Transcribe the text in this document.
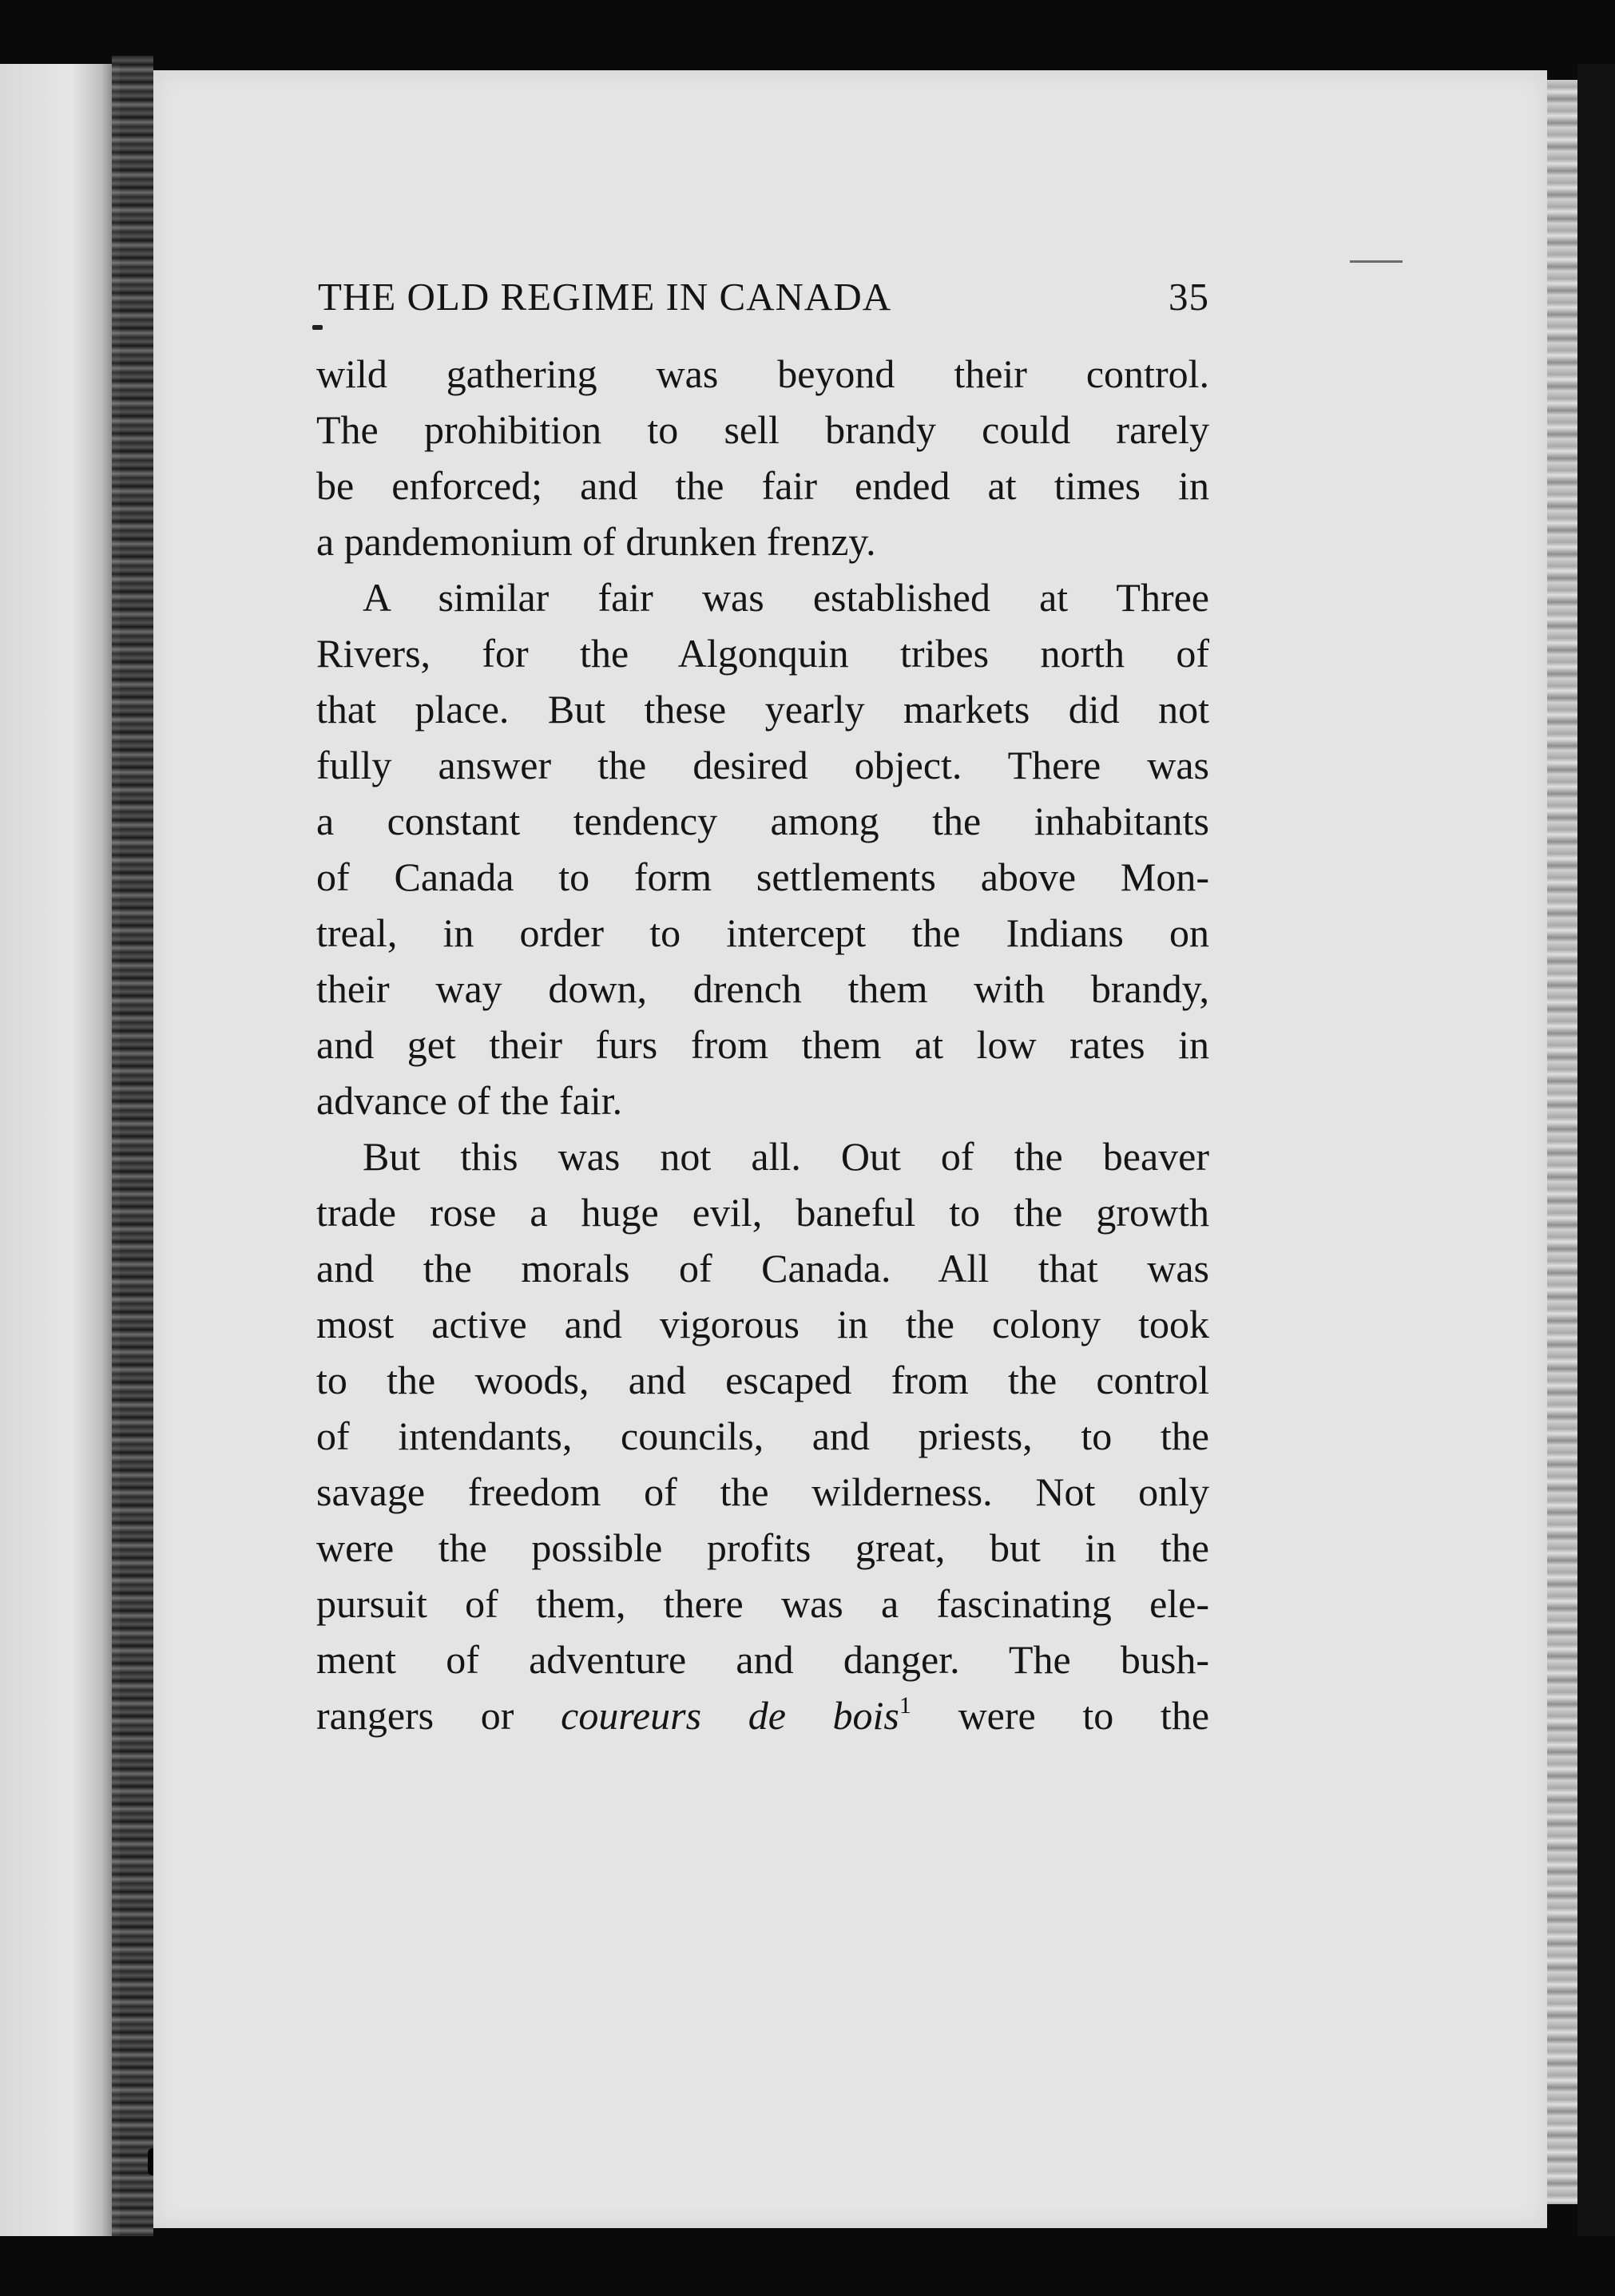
THE OLD REGIME IN CANADA	35
wild gathering was beyond their control.
The prohibition to sell brandy could rarely
be enforced; and the fair ended at times in
a pandemonium of drunken frenzy.
A similar fair was established at Three
Rivers, for the Algonquin tribes north of
that place. But these yearly markets did not
fully answer the desired object. There was
a constant tendency among the inhabitants
of Canada to form settlements above Mon-
treal, in order to intercept the Indians on
their way down, drench them with brandy,
and get their furs from them at low rates in
advance of the fair.
But this was not all. Out of the beaver
trade rose a huge evil, baneful to the growth
and the morals of Canada. All that was
most active and vigorous in the colony took
to the woods, and escaped from the control
of intendants, councils, and priests, to the
savage freedom of the wilderness. Not only
were the possible profits great, but in the
pursuit of them, there was a fascinating ele-
ment of adventure and danger. The bush-
rangers or coureurs de bois$^1$ were to the
